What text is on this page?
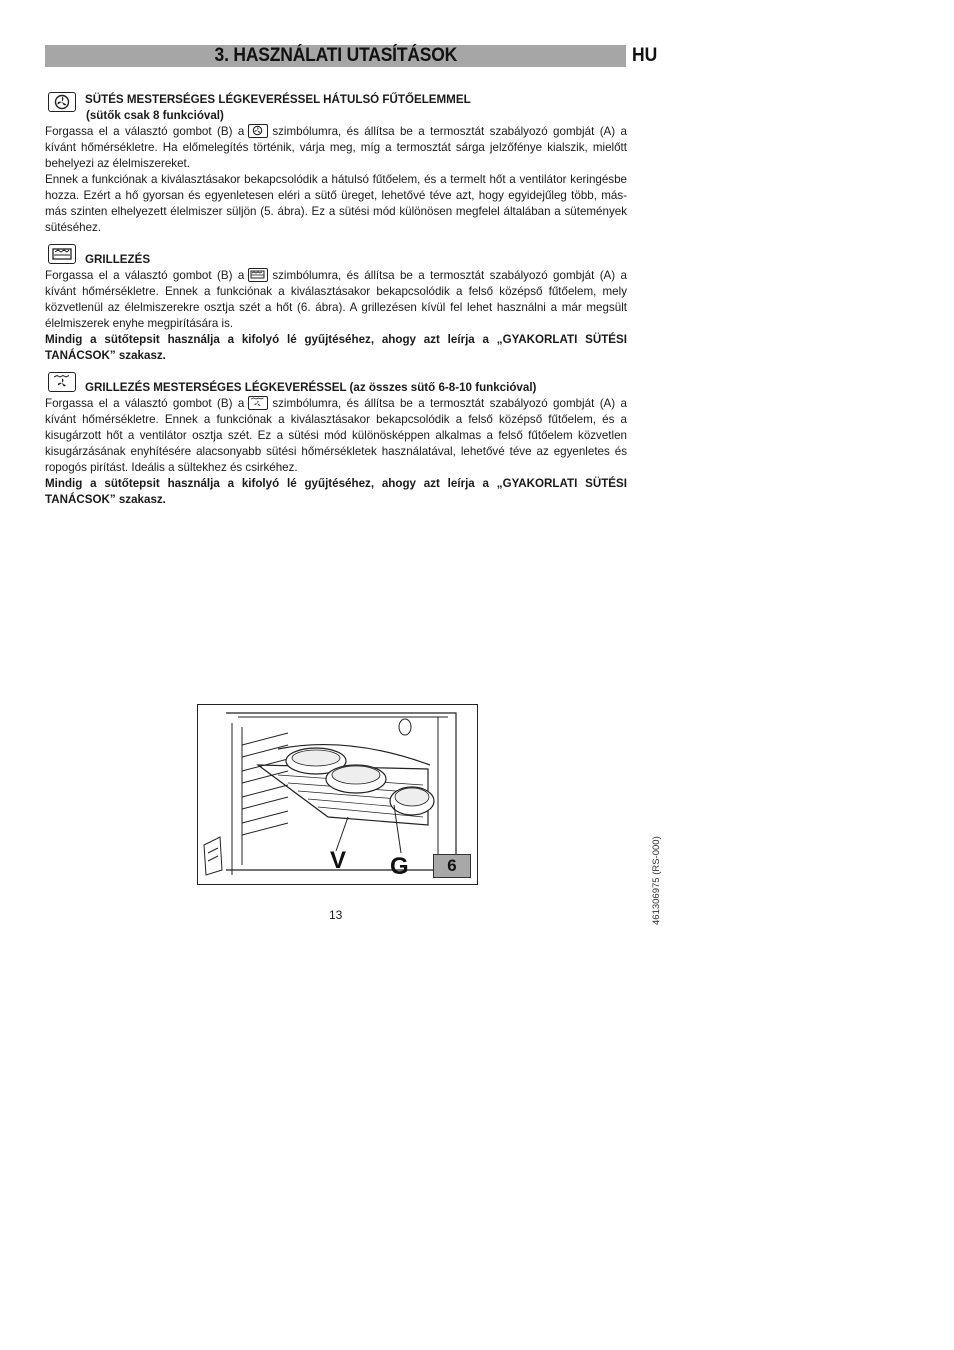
3. HASZNÁLATI UTASÍTÁSOK	HU
SÜTÉS MESTERSÉGES LÉGKEVERÉSSEL HÁTULSÓ FŰTŐELEMMEL
(sütők csak 8 funkcióval)
Forgassa el a választó gombot (B) a szimbólumra, és állítsa be a termosztát szabályozó gombját (A) a kívánt hőmérsékletre. Ha előmelegítés történik, várja meg, míg a termosztát sárga jelzőfénye kialszik, mielőtt behelyezi az élelmiszereket.
Ennek a funkciónak a kiválasztásakor bekapcsolódik a hátulsó fűtőelem, és a termelt hőt a ventilátor keringésbe hozza. Ezért a hő gyorsan és egyenletesen eléri a sütő üreget, lehetővé téve azt, hogy egyidejűleg több, más-más szinten elhelyezett élelmiszer süljön (5. ábra). Ez a sütési mód különösen megfelel általában a sütemények sütéséhez.
GRILLEZÉS
Forgassa el a választó gombot (B) a szimbólumra, és állítsa be a termosztát szabályozó gombját (A) a kívánt hőmérsékletre. Ennek a funkciónak a kiválasztásakor bekapcsolódik a felső középső fűtőelem, mely közvetlenül az élelmiszerekre osztja szét a hőt (6. ábra). A grillezésen kívül fel lehet használni a már megsült élelmiszerek enyhe megpirítására is.
Mindig a sütőtepsit használja a kifolyó lé gyűjtéséhez, ahogy azt leírja a „GYAKORLATI SÜTÉSI TANÁCSOK” szakasz.
GRILLEZÉS MESTERSÉGES LÉGKEVERÉSSEL (az összes sütő 6-8-10 funkcióval)
Forgassa el a választó gombot (B) a szimbólumra, és állítsa be a termosztát szabályozó gombját (A) a kívánt hőmérsékletre. Ennek a funkciónak a kiválasztásakor bekapcsolódik a felső középső fűtőelem, és a kisugárzott hőt a ventilátor osztja szét. Ez a sütési mód különösképpen alkalmas a felső fűtőelem közvetlen kisugárzásának enyhítésére alacsonyabb sütési hőmérsékletek használatával, lehetővé téve az egyenletes és ropogós pirítást. Ideális a sültekhez és csirkéhez.
Mindig a sütőtepsit használja a kifolyó lé gyűjtéséhez, ahogy azt leírja a „GYAKORLATI SÜTÉSI TANÁCSOK” szakasz.
V G	6
13	461306975 (RS-000)
